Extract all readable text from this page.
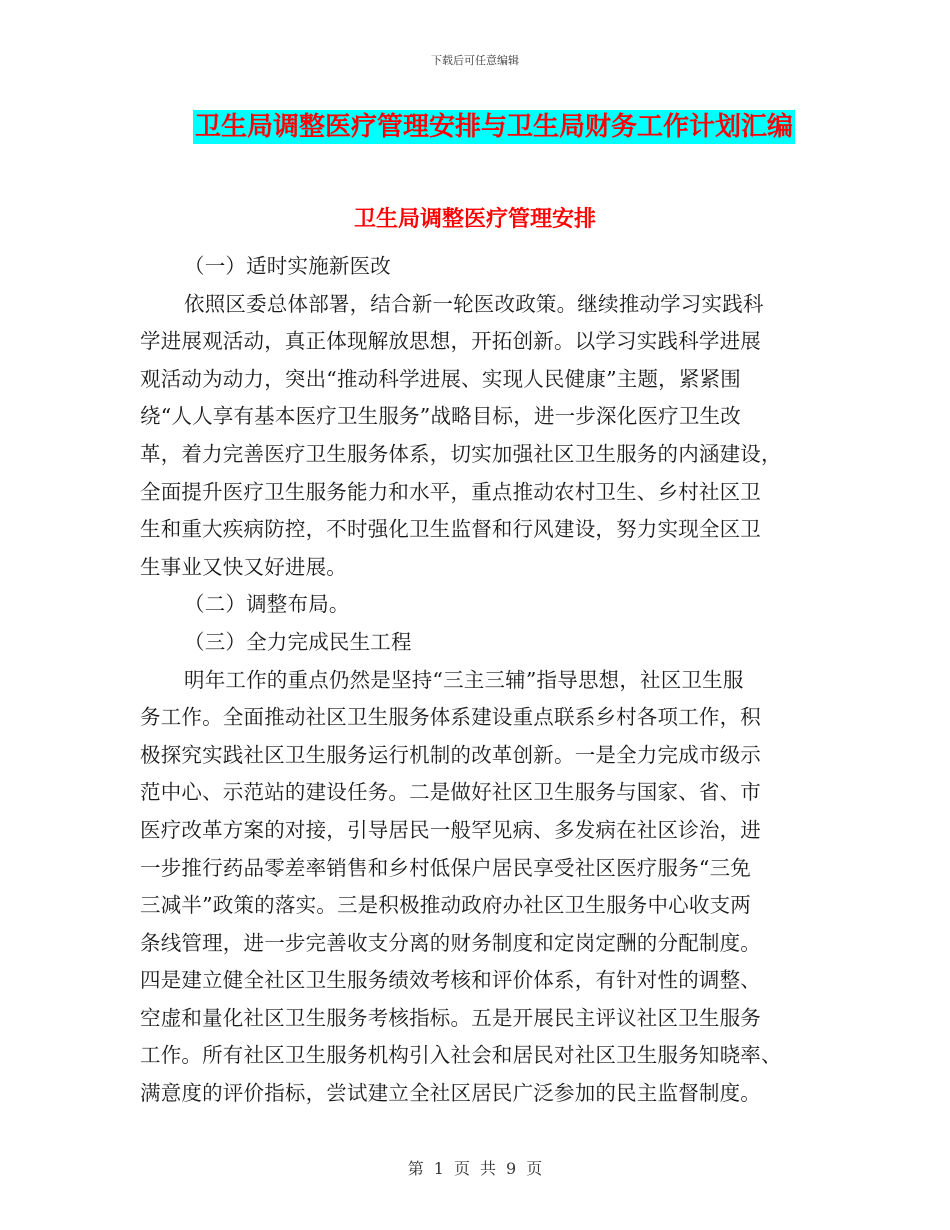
下载后可任意编辑
卫生局调整医疗管理安排与卫生局财务工作计划汇编
卫生局调整医疗管理安排
（一）适时实施新医改
依照区委总体部署，结合新一轮医改政策。继续推动学习实践科
学进展观活动，真正体现解放思想，开拓创新。以学习实践科学进展
观活动为动力，突出“推动科学进展、实现人民健康”主题，紧紧围
绕“人人享有基本医疗卫生服务”战略目标，进一步深化医疗卫生改
革，着力完善医疗卫生服务体系，切实加强社区卫生服务的内涵建设，
全面提升医疗卫生服务能力和水平，重点推动农村卫生、乡村社区卫
生和重大疾病防控，不时强化卫生监督和行风建设，努力实现全区卫
生事业又快又好进展。
（二）调整布局。
（三）全力完成民生工程
明年工作的重点仍然是坚持“三主三辅”指导思想，社区卫生服
务工作。全面推动社区卫生服务体系建设重点联系乡村各项工作，积
极探究实践社区卫生服务运行机制的改革创新。一是全力完成市级示
范中心、示范站的建设任务。二是做好社区卫生服务与国家、省、市
医疗改革方案的对接，引导居民一般罕见病、多发病在社区诊治，进
一步推行药品零差率销售和乡村低保户居民享受社区医疗服务“三免
三减半”政策的落实。三是积极推动政府办社区卫生服务中心收支两
条线管理，进一步完善收支分离的财务制度和定岗定酬的分配制度。
四是建立健全社区卫生服务绩效考核和评价体系，有针对性的调整、
空虚和量化社区卫生服务考核指标。五是开展民主评议社区卫生服务
工作。所有社区卫生服务机构引入社会和居民对社区卫生服务知晓率、
满意度的评价指标，尝试建立全社区居民广泛参加的民主监督制度。
第 1 页 共 9 页
